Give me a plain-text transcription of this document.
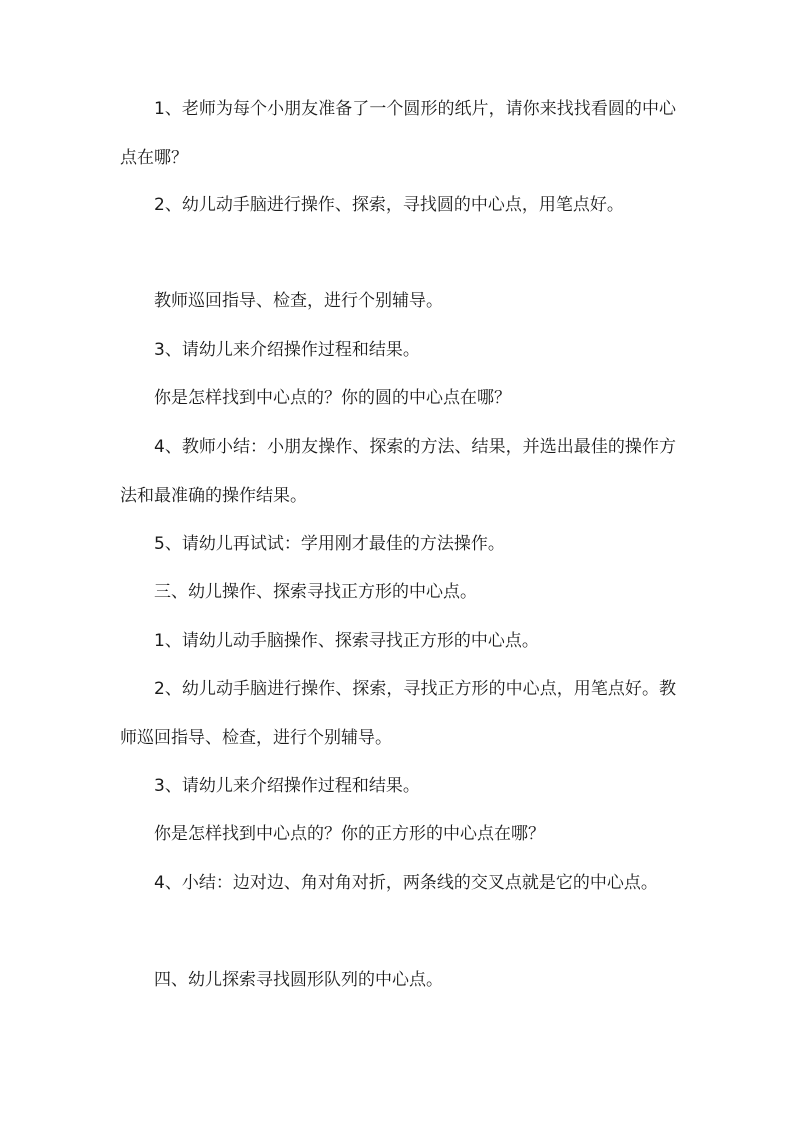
1、老师为每个小朋友准备了一个圆形的纸片，请你来找找看圆的中心点在哪？

2、幼儿动手脑进行操作、探索，寻找圆的中心点，用笔点好。

教师巡回指导、检查，进行个别辅导。

3、请幼儿来介绍操作过程和结果。

你是怎样找到中心点的？你的圆的中心点在哪？

4、教师小结：小朋友操作、探索的方法、结果，并选出最佳的操作方法和最准确的操作结果。

5、请幼儿再试试：学用刚才最佳的方法操作。

三、幼儿操作、探索寻找正方形的中心点。

1、请幼儿动手脑操作、探索寻找正方形的中心点。

2、幼儿动手脑进行操作、探索，寻找正方形的中心点，用笔点好。教师巡回指导、检查，进行个别辅导。

3、请幼儿来介绍操作过程和结果。

你是怎样找到中心点的？你的正方形的中心点在哪？

4、小结：边对边、角对角对折，两条线的交叉点就是它的中心点。

四、幼儿探索寻找圆形队列的中心点。
